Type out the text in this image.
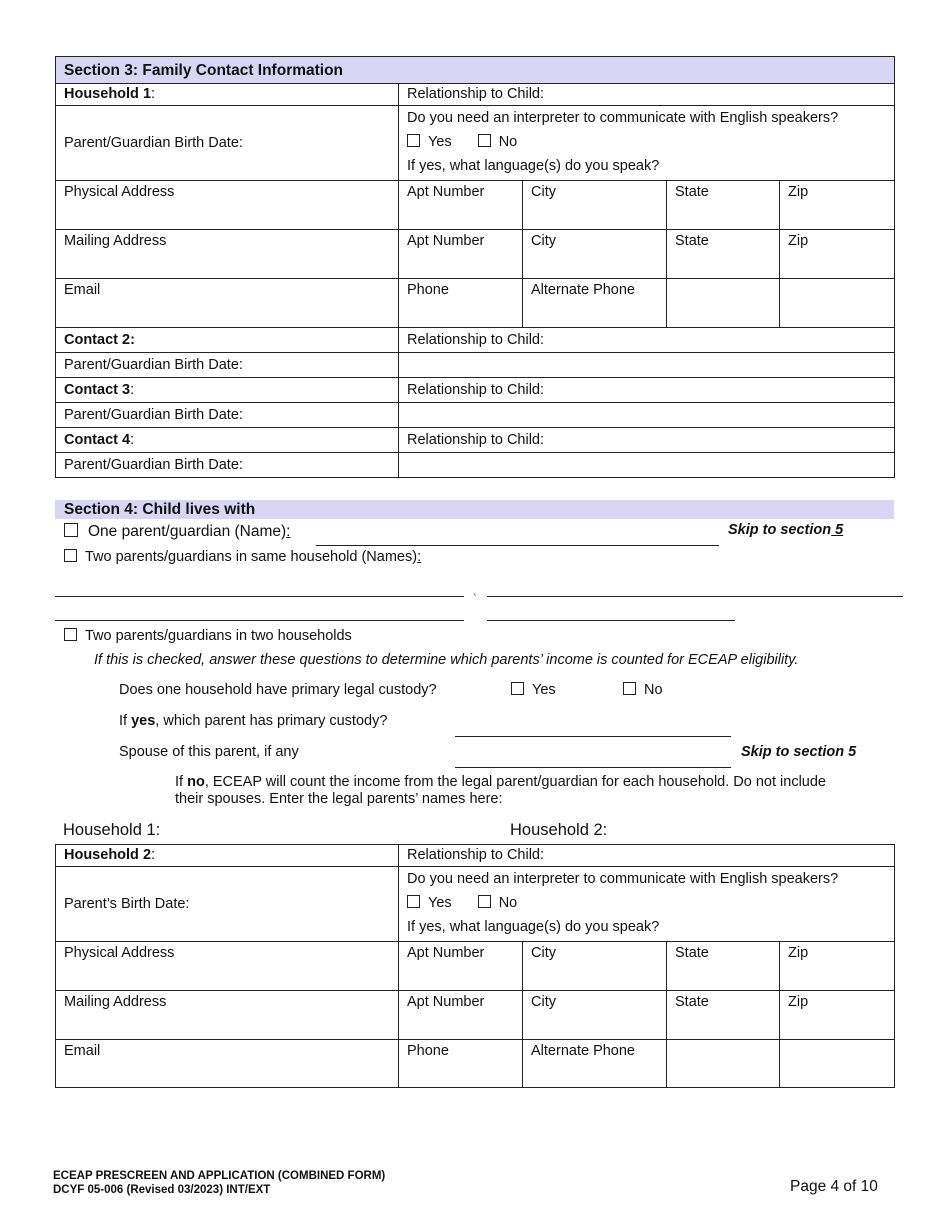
Section 3: Family Contact Information				
Household 1:	Relationship to Child:			
Parent/Guardian Birth Date:	Do you need an interpreter to communicate with English speakers?
Yes No
If yes, what language(s) do you speak?			

Physical Address	Apt Number	City	State	Zip
Mailing Address	Apt Number	City	State	Zip
Email	Phone	Alternate Phone		
Contact 2:	Relationship to Child:			
Parent/Guardian Birth Date:				
Contact 3:	Relationship to Child:			
Parent/Guardian Birth Date:				
Contact 4:	Relationship to Child:			
Parent/Guardian Birth Date:				
Section 4: Child lives with
One parent/guardian (Name):	Skip to section 5
Two parents/guardians in same household (Names):
`
Two parents/guardians in two households
If this is checked, answer these questions to determine which parents’ income is counted for ECEAP eligibility.
Does one household have primary legal custody?	Yes	No
If yes, which parent has primary custody?
Spouse of this parent, if any	Skip to section 5
If no, ECEAP will count the income from the legal parent/guardian for each household. Do not include
their spouses. Enter the legal parents’ names here:
Household 1:	Household 2:
Household 2:	Relationship to Child:			
Parent’s Birth Date:	Do you need an interpreter to communicate with English speakers?
Yes No
If yes, what language(s) do you speak?			

Physical Address	Apt Number	City	State	Zip
Mailing Address	Apt Number	City	State	Zip
Email	Phone	Alternate Phone		
ECEAP PRESCREEN AND APPLICATION (COMBINED FORM)
DCYF 05-006 (Revised 03/2023) INT/EXT	Page 4 of 10
